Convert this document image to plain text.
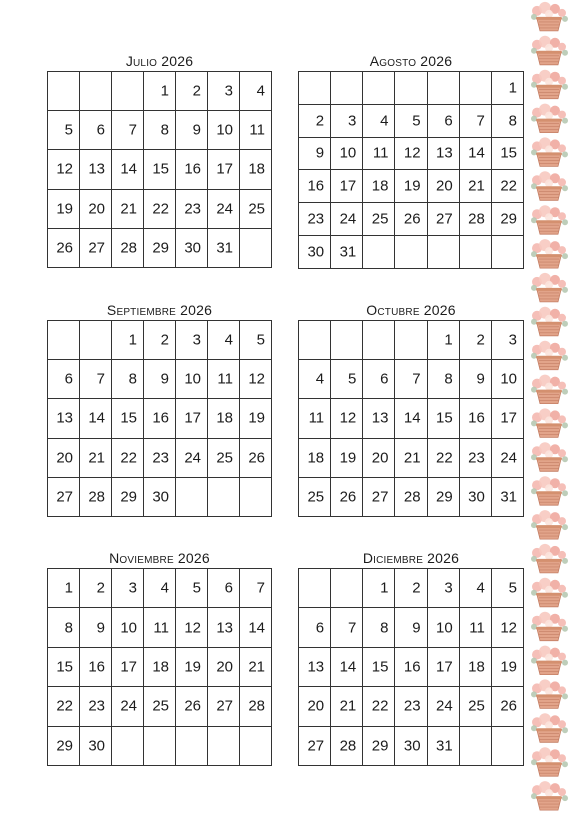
Julio 2026

			1	2	3	4

5	6	7	8	9	10	11

12	13	14	15	16	17	18

19	20	21	22	23	24	25

26	27	28	29	30	31	

Agosto 2026

						1

2	3	4	5	6	7	8

9	10	11	12	13	14	15

16	17	18	19	20	21	22

23	24	25	26	27	28	29

30	31					

Septiembre 2026

		1	2	3	4	5

6	7	8	9	10	11	12

13	14	15	16	17	18	19

20	21	22	23	24	25	26

27	28	29	30			

Octubre 2026

				1	2	3

4	5	6	7	8	9	10

11	12	13	14	15	16	17

18	19	20	21	22	23	24

25	26	27	28	29	30	31
Noviembre 2026
1	2	3	4	5	6	7

8	9	10	11	12	13	14

15	16	17	18	19	20	21

22	23	24	25	26	27	28

29	30					

Diciembre 2026

		1	2	3	4	5

6	7	8	9	10	11	12

13	14	15	16	17	18	19

20	21	22	23	24	25	26

27	28	29	30	31		
